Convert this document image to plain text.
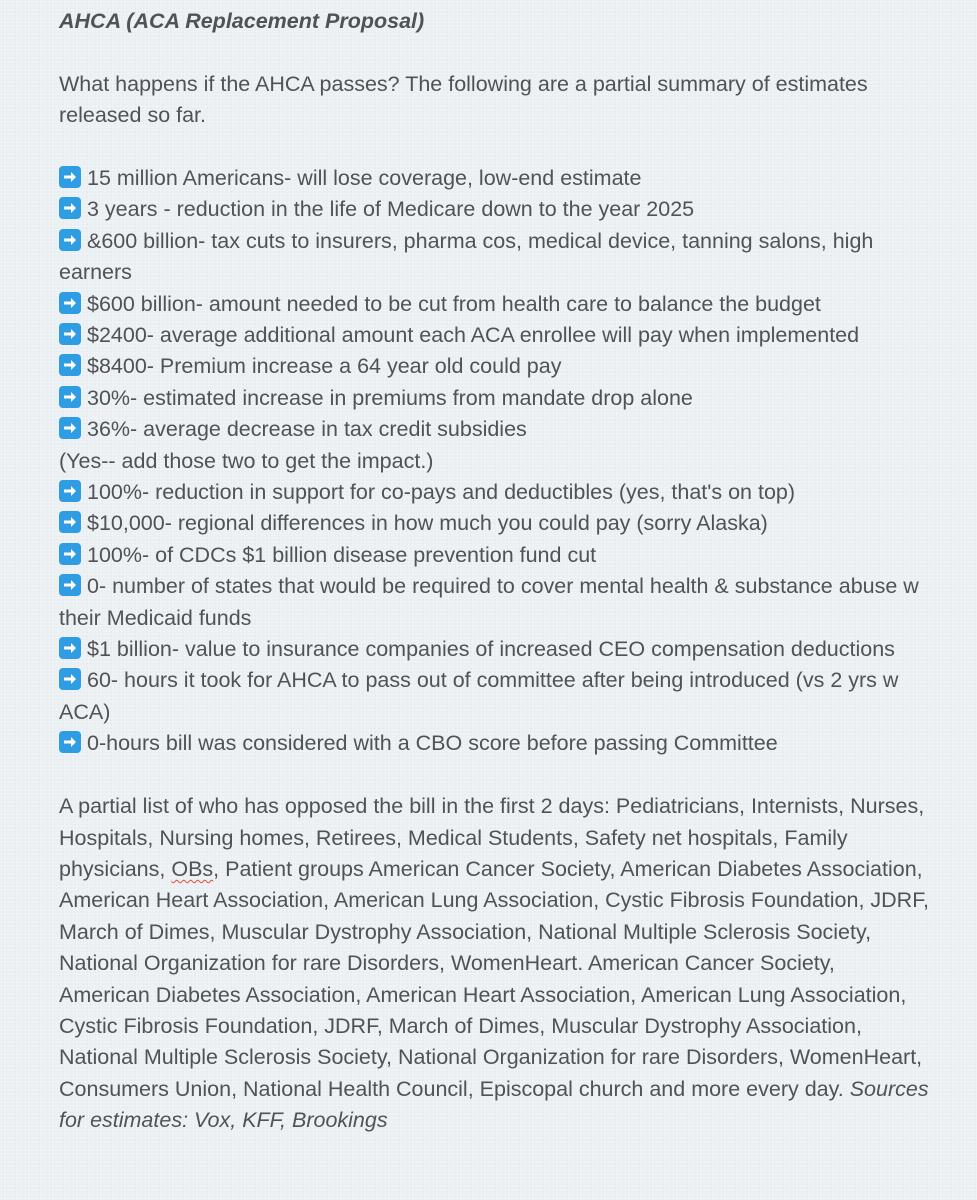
AHCA (ACA Replacement Proposal)

What happens if the AHCA passes? The following are a partial summary of estimates released so far.

15 million Americans- will lose coverage, low-end estimate

3 years - reduction in the life of Medicare down to the year 2025

&600 billion- tax cuts to insurers, pharma cos, medical device, tanning salons, high earners

$600 billion- amount needed to be cut from health care to balance the budget

$2400- average additional amount each ACA enrollee will pay when implemented

$8400- Premium increase a 64 year old could pay

30%- estimated increase in premiums from mandate drop alone

36%- average decrease in tax credit subsidies

(Yes-- add those two to get the impact.)

100%- reduction in support for co-pays and deductibles (yes, that's on top)

$10,000- regional differences in how much you could pay (sorry Alaska)

100%- of CDCs $1 billion disease prevention fund cut

0- number of states that would be required to cover mental health & substance abuse w their Medicaid funds

$1 billion- value to insurance companies of increased CEO compensation deductions

60- hours it took for AHCA to pass out of committee after being introduced (vs 2 yrs w ACA)

0-hours bill was considered with a CBO score before passing Committee

A partial list of who has opposed the bill in the first 2 days: Pediatricians, Internists, Nurses, Hospitals, Nursing homes, Retirees, Medical Students, Safety net hospitals, Family physicians, OBs, Patient groups American Cancer Society, American Diabetes Association, American Heart Association, American Lung Association, Cystic Fibrosis Foundation, JDRF, March of Dimes, Muscular Dystrophy Association, National Multiple Sclerosis Society, National Organization for rare Disorders, WomenHeart. American Cancer Society, American Diabetes Association, American Heart Association, American Lung Association, Cystic Fibrosis Foundation, JDRF, March of Dimes, Muscular Dystrophy Association, National Multiple Sclerosis Society, National Organization for rare Disorders, WomenHeart, Consumers Union, National Health Council, Episcopal church and more every day. Sources for estimates: Vox, KFF, Brookings
